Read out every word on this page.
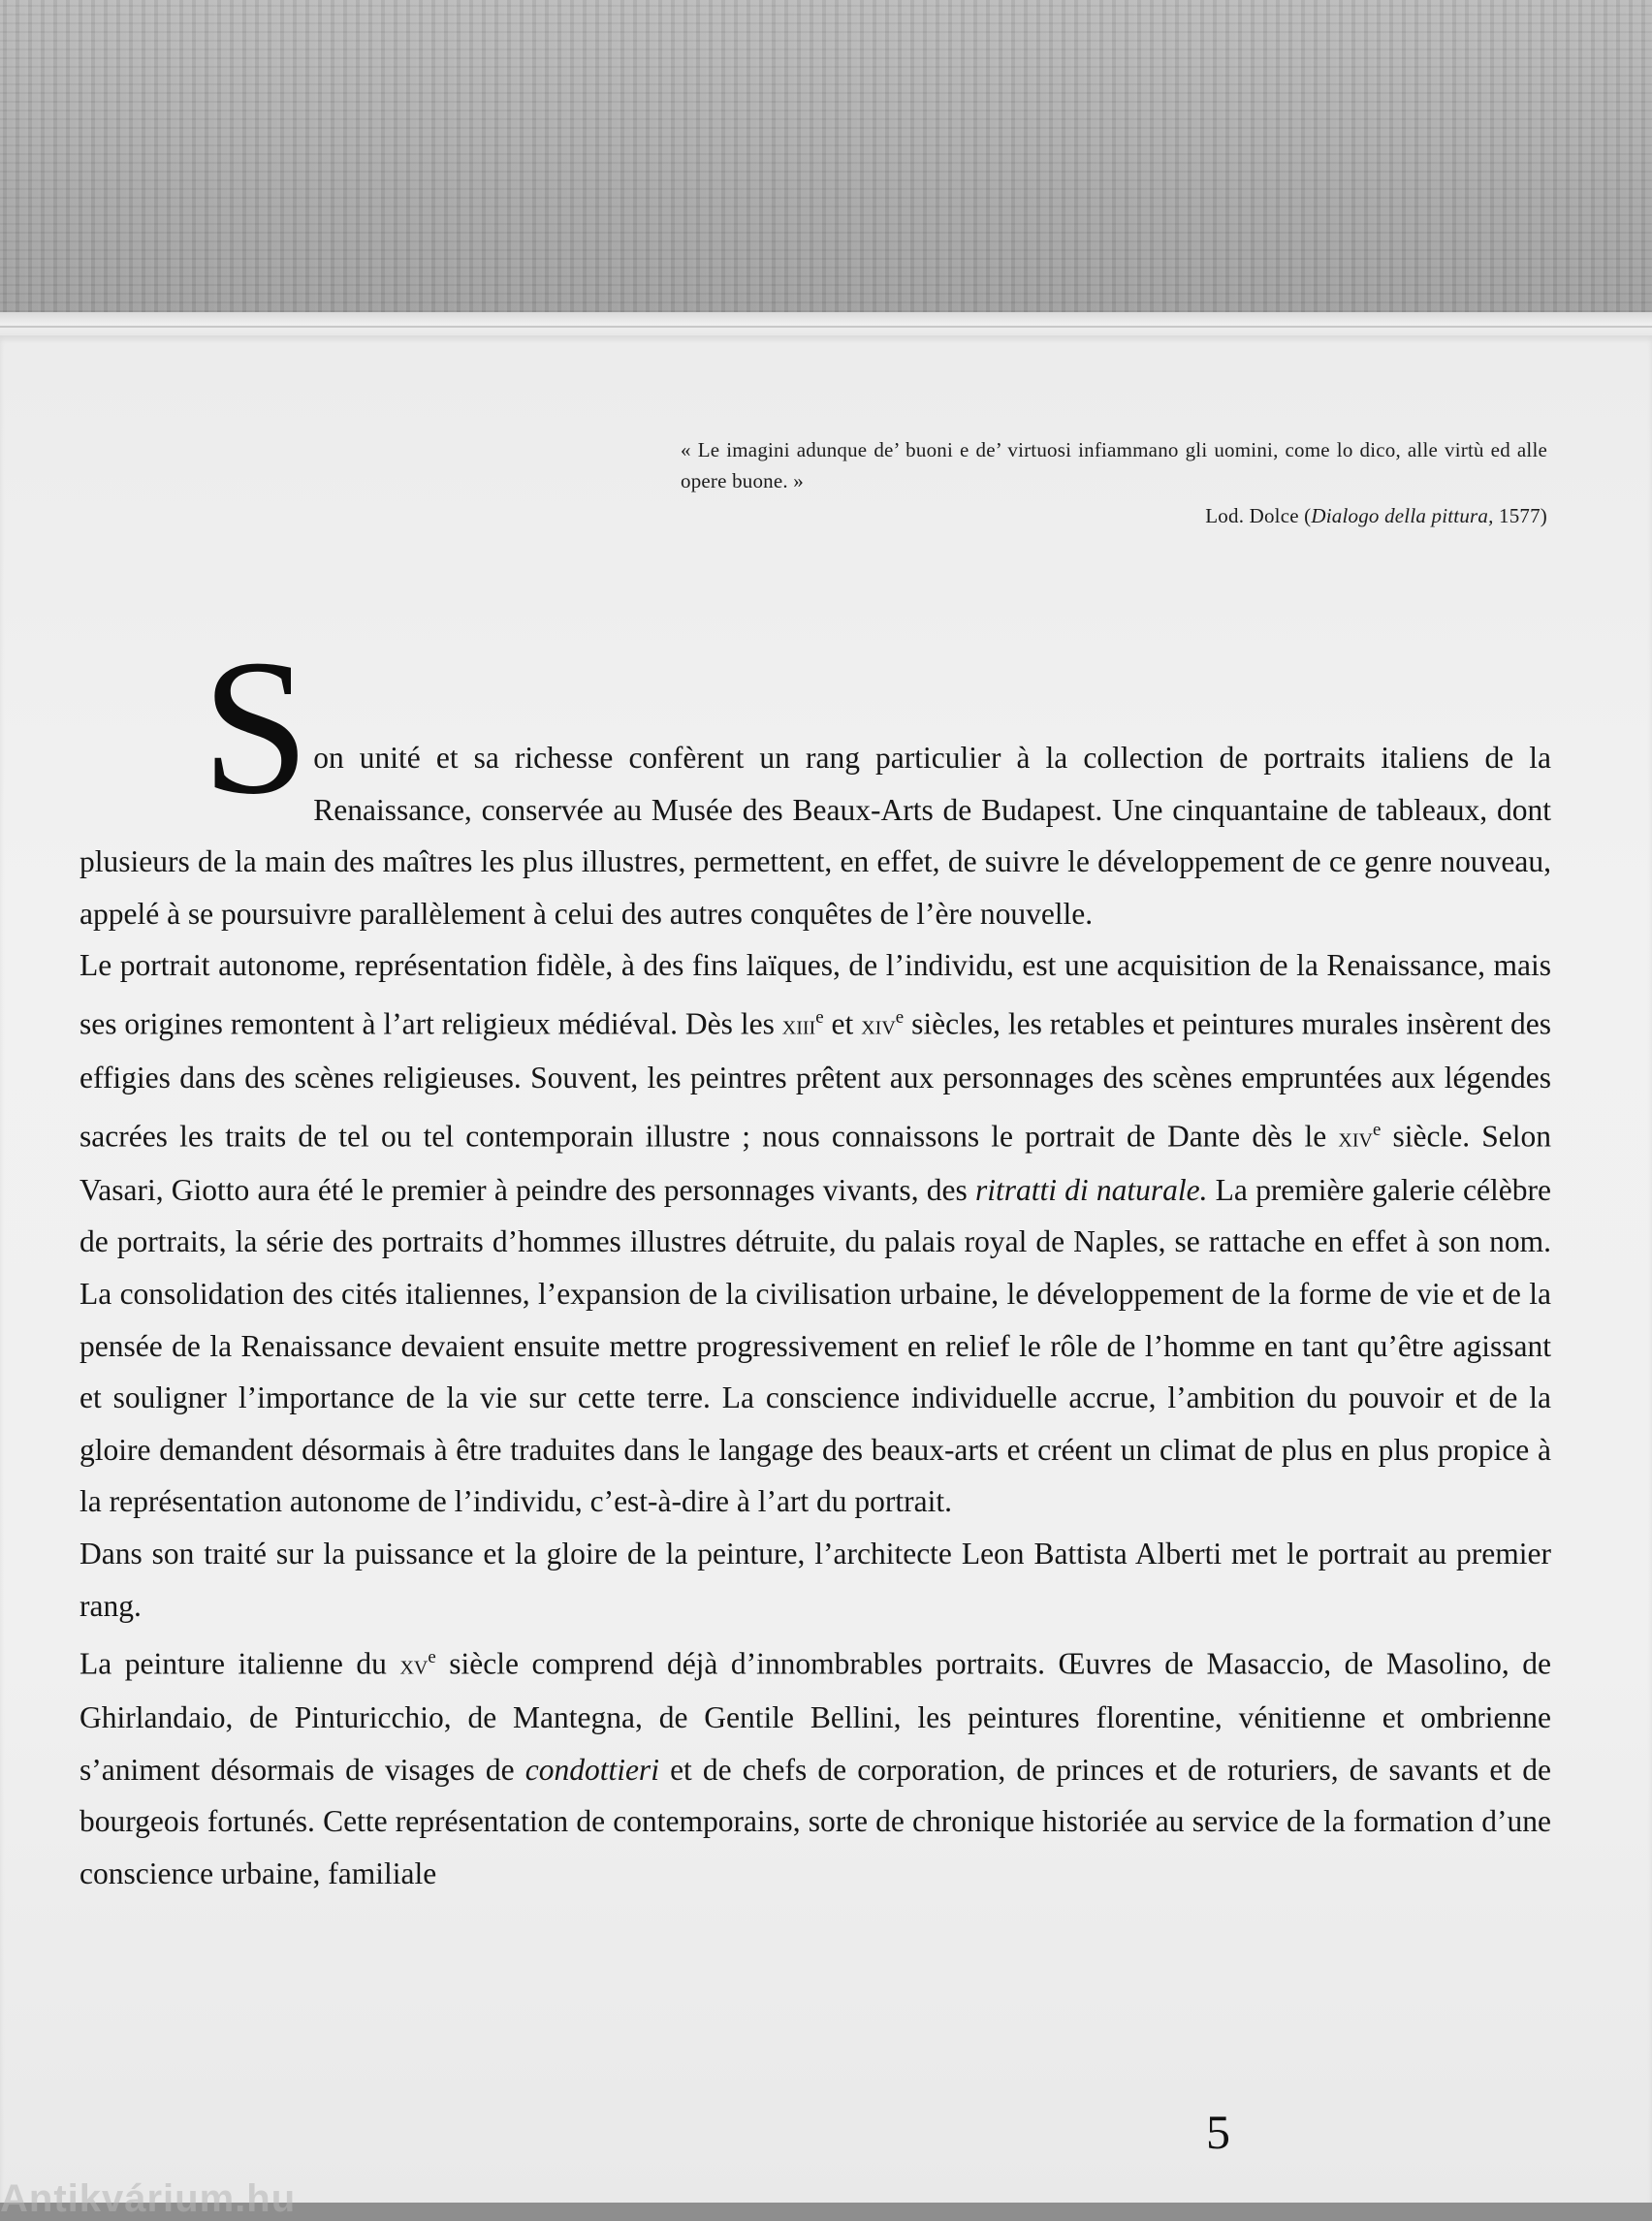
« Le imagini adunque de’ buoni e de’ virtuosi infiammano gli uomini, come lo dico, alle virtù ed alle opere buone. »

Lod. Dolce (Dialogo della pittura, 1577)

Son unité et sa richesse confèrent un rang particulier à la collection de portraits italiens de la Renaissance, conservée au Musée des Beaux-Arts de Budapest. Une cinquantaine de tableaux, dont plusieurs de la main des maîtres les plus illustres, permettent, en effet, de suivre le développement de ce genre nouveau, appelé à se poursuivre parallèlement à celui des autres conquêtes de l’ère nouvelle.

Le portrait autonome, représentation fidèle, à des fins laïques, de l’individu, est une acquisition de la Renaissance, mais ses origines remontent à l’art religieux médiéval. Dès les xiii$^e$ et xiv$^e$ siècles, les retables et peintures murales insèrent des effigies dans des scènes religieuses. Souvent, les peintres prêtent aux personnages des scènes empruntées aux légendes sacrées les traits de tel ou tel contemporain illustre ; nous connaissons le portrait de Dante dès le xiv$^e$ siècle. Selon Vasari, Giotto aura été le premier à peindre des personnages vivants, des ritratti di naturale. La première galerie célèbre de portraits, la série des portraits d’hommes illustres détruite, du palais royal de Naples, se rattache en effet à son nom. La consolidation des cités italiennes, l’expansion de la civilisation urbaine, le développement de la forme de vie et de la pensée de la Renaissance devaient ensuite mettre progressivement en relief le rôle de l’homme en tant qu’être agissant et souligner l’importance de la vie sur cette terre. La conscience individuelle accrue, l’ambition du pouvoir et de la gloire demandent désormais à être traduites dans le langage des beaux-arts et créent un climat de plus en plus propice à la représentation autonome de l’individu, c’est-à-dire à l’art du portrait.

Dans son traité sur la puissance et la gloire de la peinture, l’architecte Leon Battista Alberti met le portrait au premier rang.

La peinture italienne du $xv^e$ siècle comprend déjà d’innombrables portraits. Œuvres de Masaccio, de Masolino, de Ghirlandaio, de Pinturicchio, de Mantegna, de Gentile Bellini, les peintures florentine, vénitienne et ombrienne s’animent désormais de visages de condottieri et de chefs de corporation, de princes et de roturiers, de savants et de bourgeois fortunés. Cette représentation de contemporains, sorte de chronique historiée au service de la formation d’une conscience urbaine, familiale

5
Antikvárium.hu
